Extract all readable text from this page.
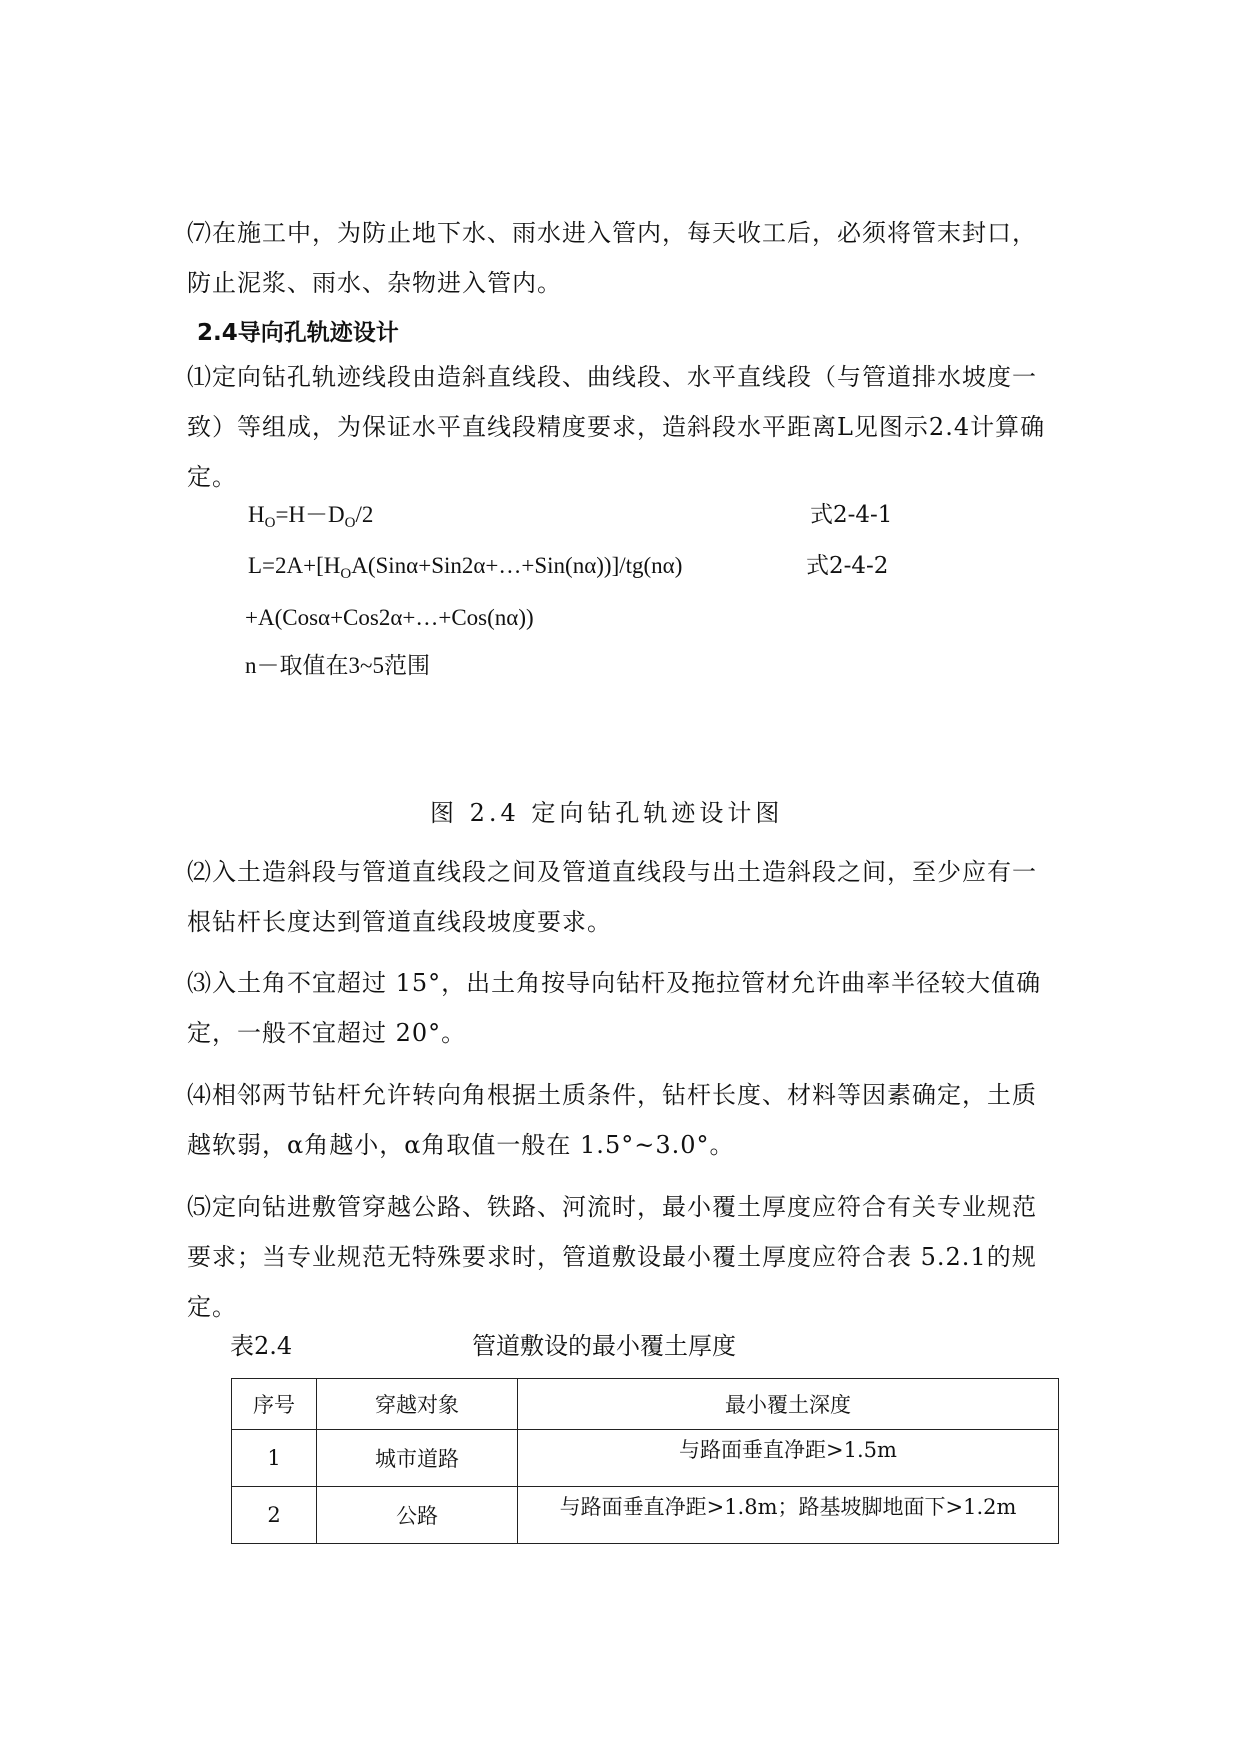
⑺在施工中，为防止地下水、雨水进入管内，每天收工后，必须将管末封口，防止泥浆、雨水、杂物进入管内。

2.4导向孔轨迹设计

⑴定向钻孔轨迹线段由造斜直线段、曲线段、水平直线段（与管道排水坡度一致）等组成，为保证水平直线段精度要求，造斜段水平距离L见图示2.4计算确定。

$H_O=H-D_O/2$	式2-4-1
$L=2A+[H_OA(Sin\alpha+Sin2\alpha+\dots+Sin(n\alpha))]/tg(n\alpha)$	式2-4-2
+A(Cosα+Cos2α+…+Cos(nα))
n－取值在3~5范围
图 2.4 定向钻孔轨迹设计图

⑵入土造斜段与管道直线段之间及管道直线段与出土造斜段之间，至少应有一根钻杆长度达到管道直线段坡度要求。

⑶入土角不宜超过 15°，出土角按导向钻杆及拖拉管材允许曲率半径较大值确定，一般不宜超过 20°。

⑷相邻两节钻杆允许转向角根据土质条件，钻杆长度、材料等因素确定，土质越软弱，α角越小，α角取值一般在 1.5°~3.0°。

⑸定向钻进敷管穿越公路、铁路、河流时，最小覆土厚度应符合有关专业规范要求；当专业规范无特殊要求时，管道敷设最小覆土厚度应符合表 5.2.1的规定。

表2.4	管道敷设的最小覆土厚度
序号	穿越对象	最小覆土深度
1	城市道路	与路面垂直净距>1.5m
2	公路	与路面垂直净距>1.8m；路基坡脚地面下>1.2m
